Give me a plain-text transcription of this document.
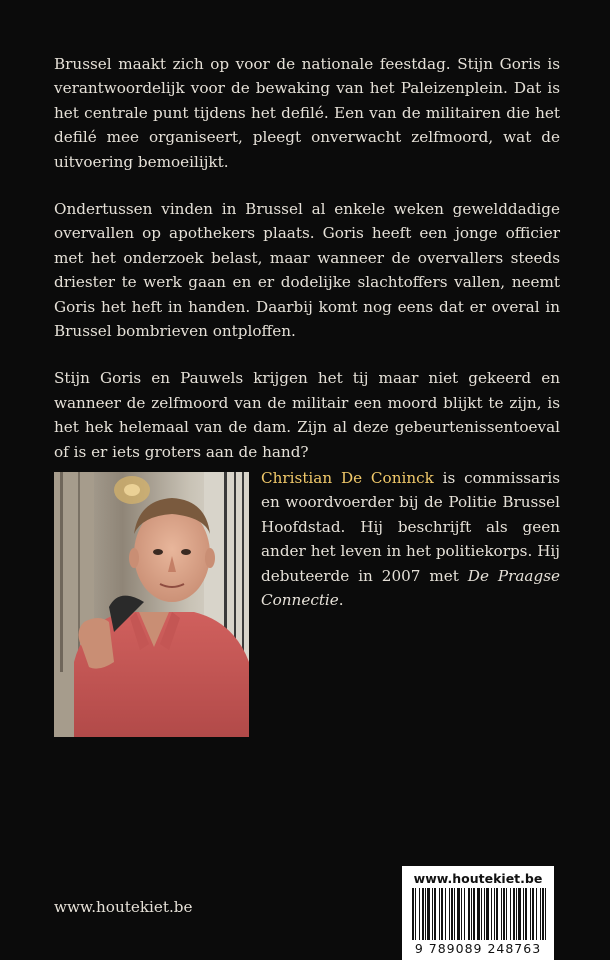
Brussel maakt zich op voor de nationale feestdag. Stijn Goris is verantwoordelijk voor de bewaking van het Paleizenplein. Dat is het centrale punt tijdens het defilé. Een van de militairen die het defilé mee organiseert, pleegt onverwacht zelfmoord, wat de uitvoering bemoeilijkt.

Ondertussen vinden in Brussel al enkele weken gewelddadige overvallen op apothekers plaats. Goris heeft een jonge officier met het onderzoek belast, maar wanneer de overvallers steeds driester te werk gaan en er dodelijke slachtoffers vallen, neemt Goris het heft in handen. Daarbij komt nog eens dat er overal in Brussel bombrieven ontploffen.

Stijn Goris en Pauwels krijgen het tij maar niet gekeerd en wanneer de zelfmoord van de militair een moord blijkt te zijn, is het hek helemaal van de dam. Zijn al deze gebeurtenissentoeval of is er iets groters aan de hand?

Christian De Coninck is commissaris en woordvoerder bij de Politie Brussel Hoofdstad. Hij beschrijft als geen ander het leven in het politiekorps. Hij debuteerde in 2007 met De Praagse Connectie.

www.houtekiet.be
www.houtekiet.be
9 789089 248763
